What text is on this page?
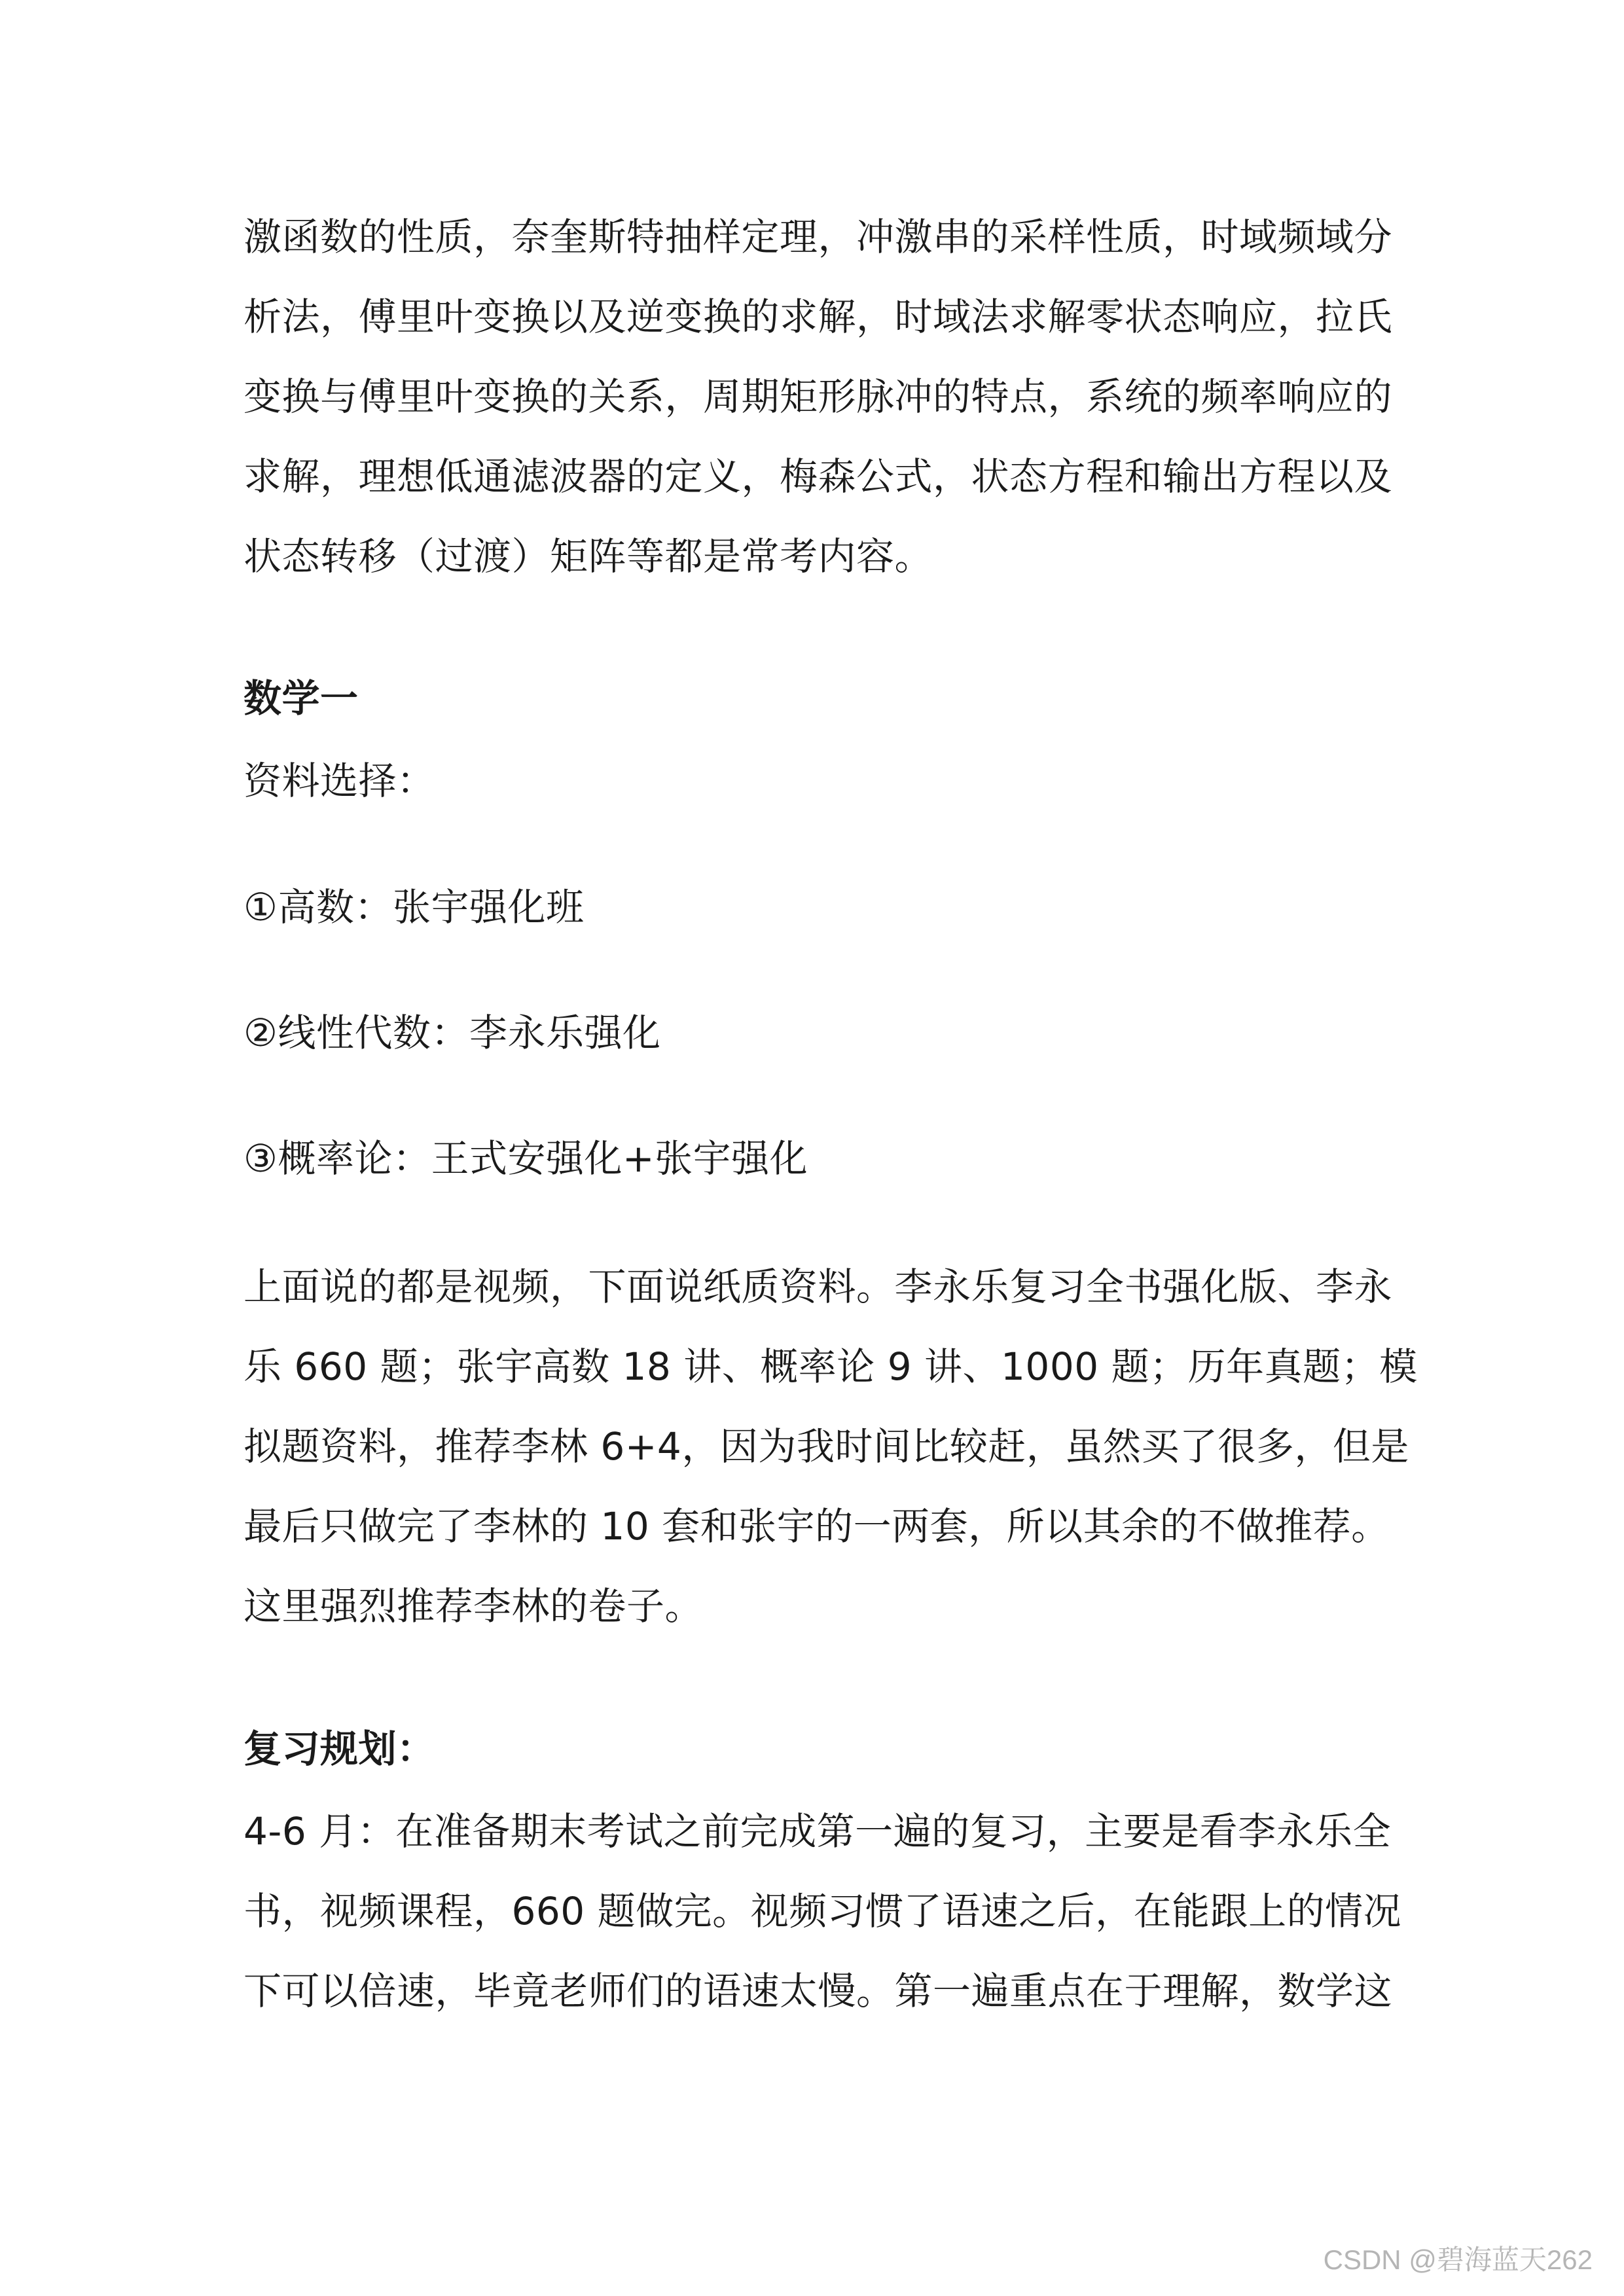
激函数的性质，奈奎斯特抽样定理，冲激串的采样性质，时域频域分
析法，傅里叶变换以及逆变换的求解，时域法求解零状态响应，拉氏
变换与傅里叶变换的关系，周期矩形脉冲的特点，系统的频率响应的
求解，理想低通滤波器的定义，梅森公式，状态方程和输出方程以及
状态转移（过渡）矩阵等都是常考内容。
数学一
资料选择：
①高数：张宇强化班
②线性代数：李永乐强化
③概率论：王式安强化+张宇强化
上面说的都是视频，下面说纸质资料。李永乐复习全书强化版、李永
乐 660 题；张宇高数 18 讲、概率论 9 讲、1000 题；历年真题；模
拟题资料，推荐李林 6+4，因为我时间比较赶，虽然买了很多，但是
最后只做完了李林的 10 套和张宇的一两套，所以其余的不做推荐。
这里强烈推荐李林的卷子。
复习规划：
4-6 月：在准备期末考试之前完成第一遍的复习，主要是看李永乐全
书，视频课程，660 题做完。视频习惯了语速之后，在能跟上的情况
下可以倍速，毕竟老师们的语速太慢。第一遍重点在于理解，数学这
CSDN @碧海蓝天262
